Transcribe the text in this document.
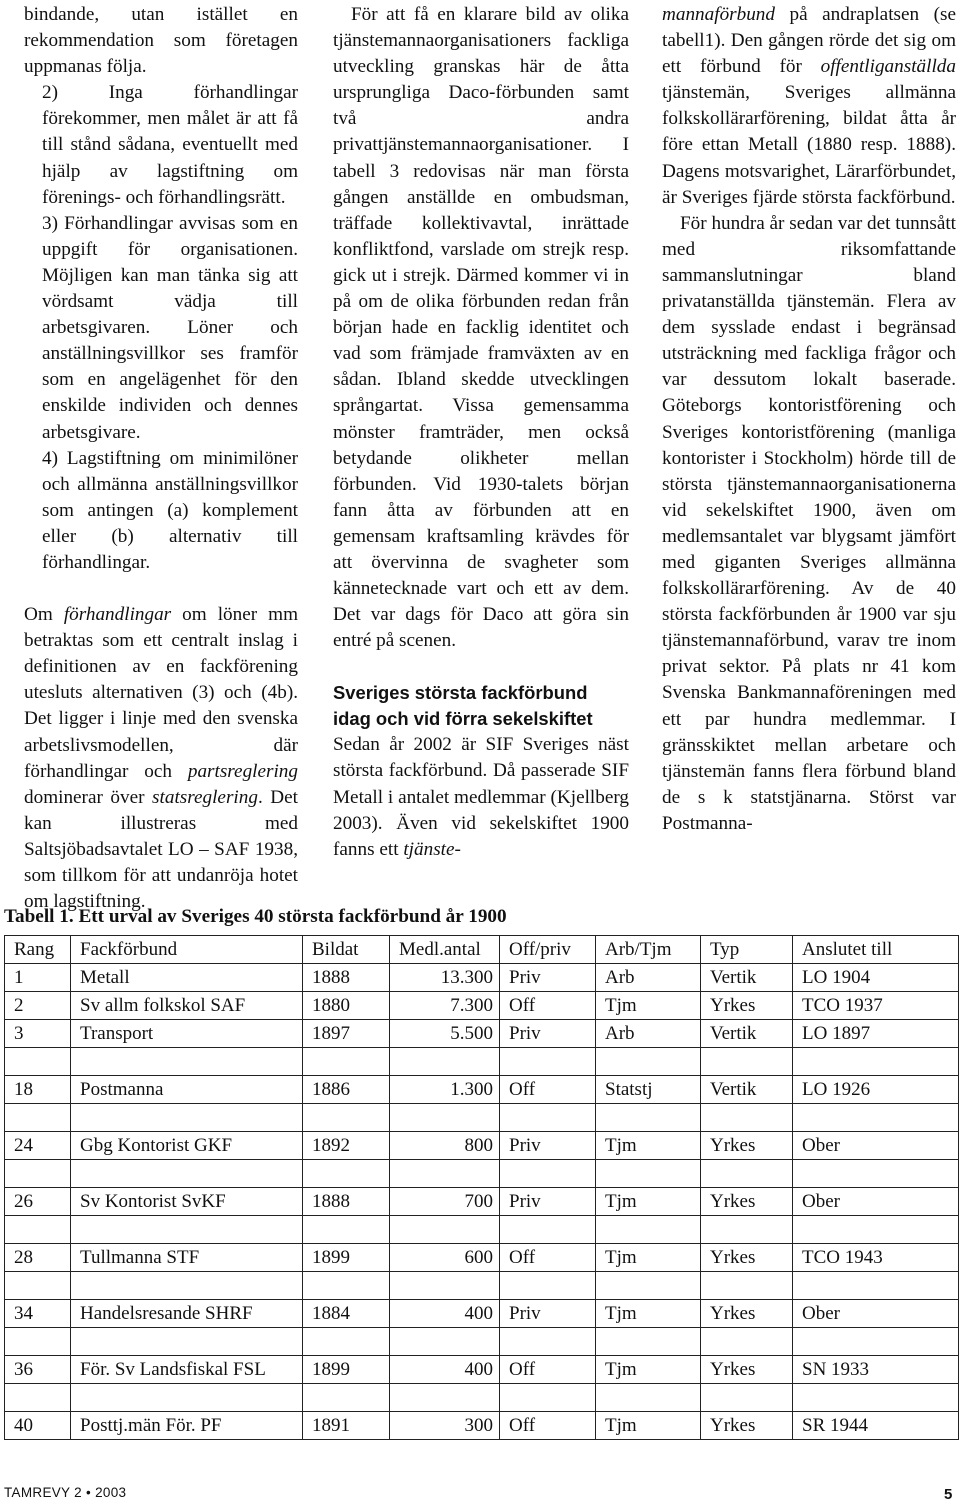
bindande, utan istället en rekommendation som företagen uppmanas följa.

2) Inga förhandlingar förekommer, men målet är att få till stånd sådana, eventuellt med hjälp av lagstiftning om förenings- och förhandlingsrätt.

3) Förhandlingar avvisas som en uppgift för organisationen. Möjligen kan man tänka sig att vördsamt vädja till arbetsgivaren. Löner och anställningsvillkor ses framför som en angelägenhet för den enskilde individen och dennes arbetsgivare.

4) Lagstiftning om minimilöner och allmänna anställningsvillkor som antingen (a) komplement eller (b) alternativ till förhandlingar.

Om förhandlingar om löner mm betraktas som ett centralt inslag i definitionen av en fackförening utesluts alternativen (3) och (4b). Det ligger i linje med den svenska arbetslivsmodellen, där förhandlingar och partsreglering dominerar över statsreglering. Det kan illustreras med Saltsjöbadsavtalet LO – SAF 1938, som tillkom för att undanröja hotet om lagstiftning.

För att få en klarare bild av olika tjänstemannaorganisationers fackliga utveckling granskas här de åtta ursprungliga Daco-förbunden samt två andra privattjänstemannaorganisationer. I tabell 3 redovisas när man första gången anställde en ombudsman, träffade kollektivavtal, inrättade konfliktfond, varslade om strejk resp. gick ut i strejk. Därmed kommer vi in på om de olika förbunden redan från början hade en facklig identitet och vad som främjade framväxten av en sådan. Ibland skedde utvecklingen språngartat. Vissa gemensamma mönster framträder, men också betydande olikheter mellan förbunden. Vid 1930-talets början fann åtta av förbunden att en gemensam kraftsamling krävdes för att övervinna de svagheter som kännetecknade vart och ett av dem. Det var dags för Daco att göra sin entré på scenen.

Sveriges största fackförbund idag och vid förra sekelskiftet

Sedan år 2002 är SIF Sveriges näst största fackförbund. Då passerade SIF Metall i antalet medlemmar (Kjellberg 2003). Även vid sekelskiftet 1900 fanns ett tjänste-

mannaförbund på andraplatsen (se tabell1). Den gången rörde det sig om ett förbund för offentliganställda tjänstemän, Sveriges allmänna folkskollärarförening, bildat åtta år före ettan Metall (1880 resp. 1888). Dagens motsvarighet, Lärarförbundet, är Sveriges fjärde största fackförbund.

För hundra år sedan var det tunnsått med riksomfattande sammanslutningar bland privatanställda tjänstemän. Flera av dem sysslade endast i begränsad utsträckning med fackliga frågor och var dessutom lokalt baserade. Göteborgs kontoristförening och Sveriges kontoristförening (manliga kontorister i Stockholm) hörde till de största tjänstemannaorganisationerna vid sekelskiftet 1900, även om medlemsantalet var blygsamt jämfört med giganten Sveriges allmänna folkskollärarförening. Av de 40 största fackförbunden år 1900 var sju tjänstemannaförbund, varav tre inom privat sektor. På plats nr 41 kom Svenska Bankmannaföreningen med ett par hundra medlemmar. I gränsskiktet mellan arbetare och tjänstemän fanns flera förbund bland de s k statstjänarna. Störst var Postmanna-

Tabell 1. Ett urval av Sveriges 40 största fackförbund år 1900
Rang	Fackförbund	Bildat	Medl.antal	Off/priv	Arb/Tjm	Typ	Anslutet till
1	Metall	1888	13.300	Priv	Arb	Vertik	LO 1904
2	Sv allm folkskol SAF	1880	7.300	Off	Tjm	Yrkes	TCO 1937
3	Transport	1897	5.500	Priv	Arb	Vertik	LO 1897

18	Postmanna	1886	1.300	Off	Statstj	Vertik	LO 1926

24	Gbg Kontorist GKF	1892	800	Priv	Tjm	Yrkes	Ober

26	Sv Kontorist SvKF	1888	700	Priv	Tjm	Yrkes	Ober

28	Tullmanna STF	1899	600	Off	Tjm	Yrkes	TCO 1943

34	Handelsresande SHRF	1884	400	Priv	Tjm	Yrkes	Ober

36	För. Sv Landsfiskal FSL	1899	400	Off	Tjm	Yrkes	SN 1933

40	Posttj.män För. PF	1891	300	Off	Tjm	Yrkes	SR 1944
TAMREVY 2 • 2003	5
